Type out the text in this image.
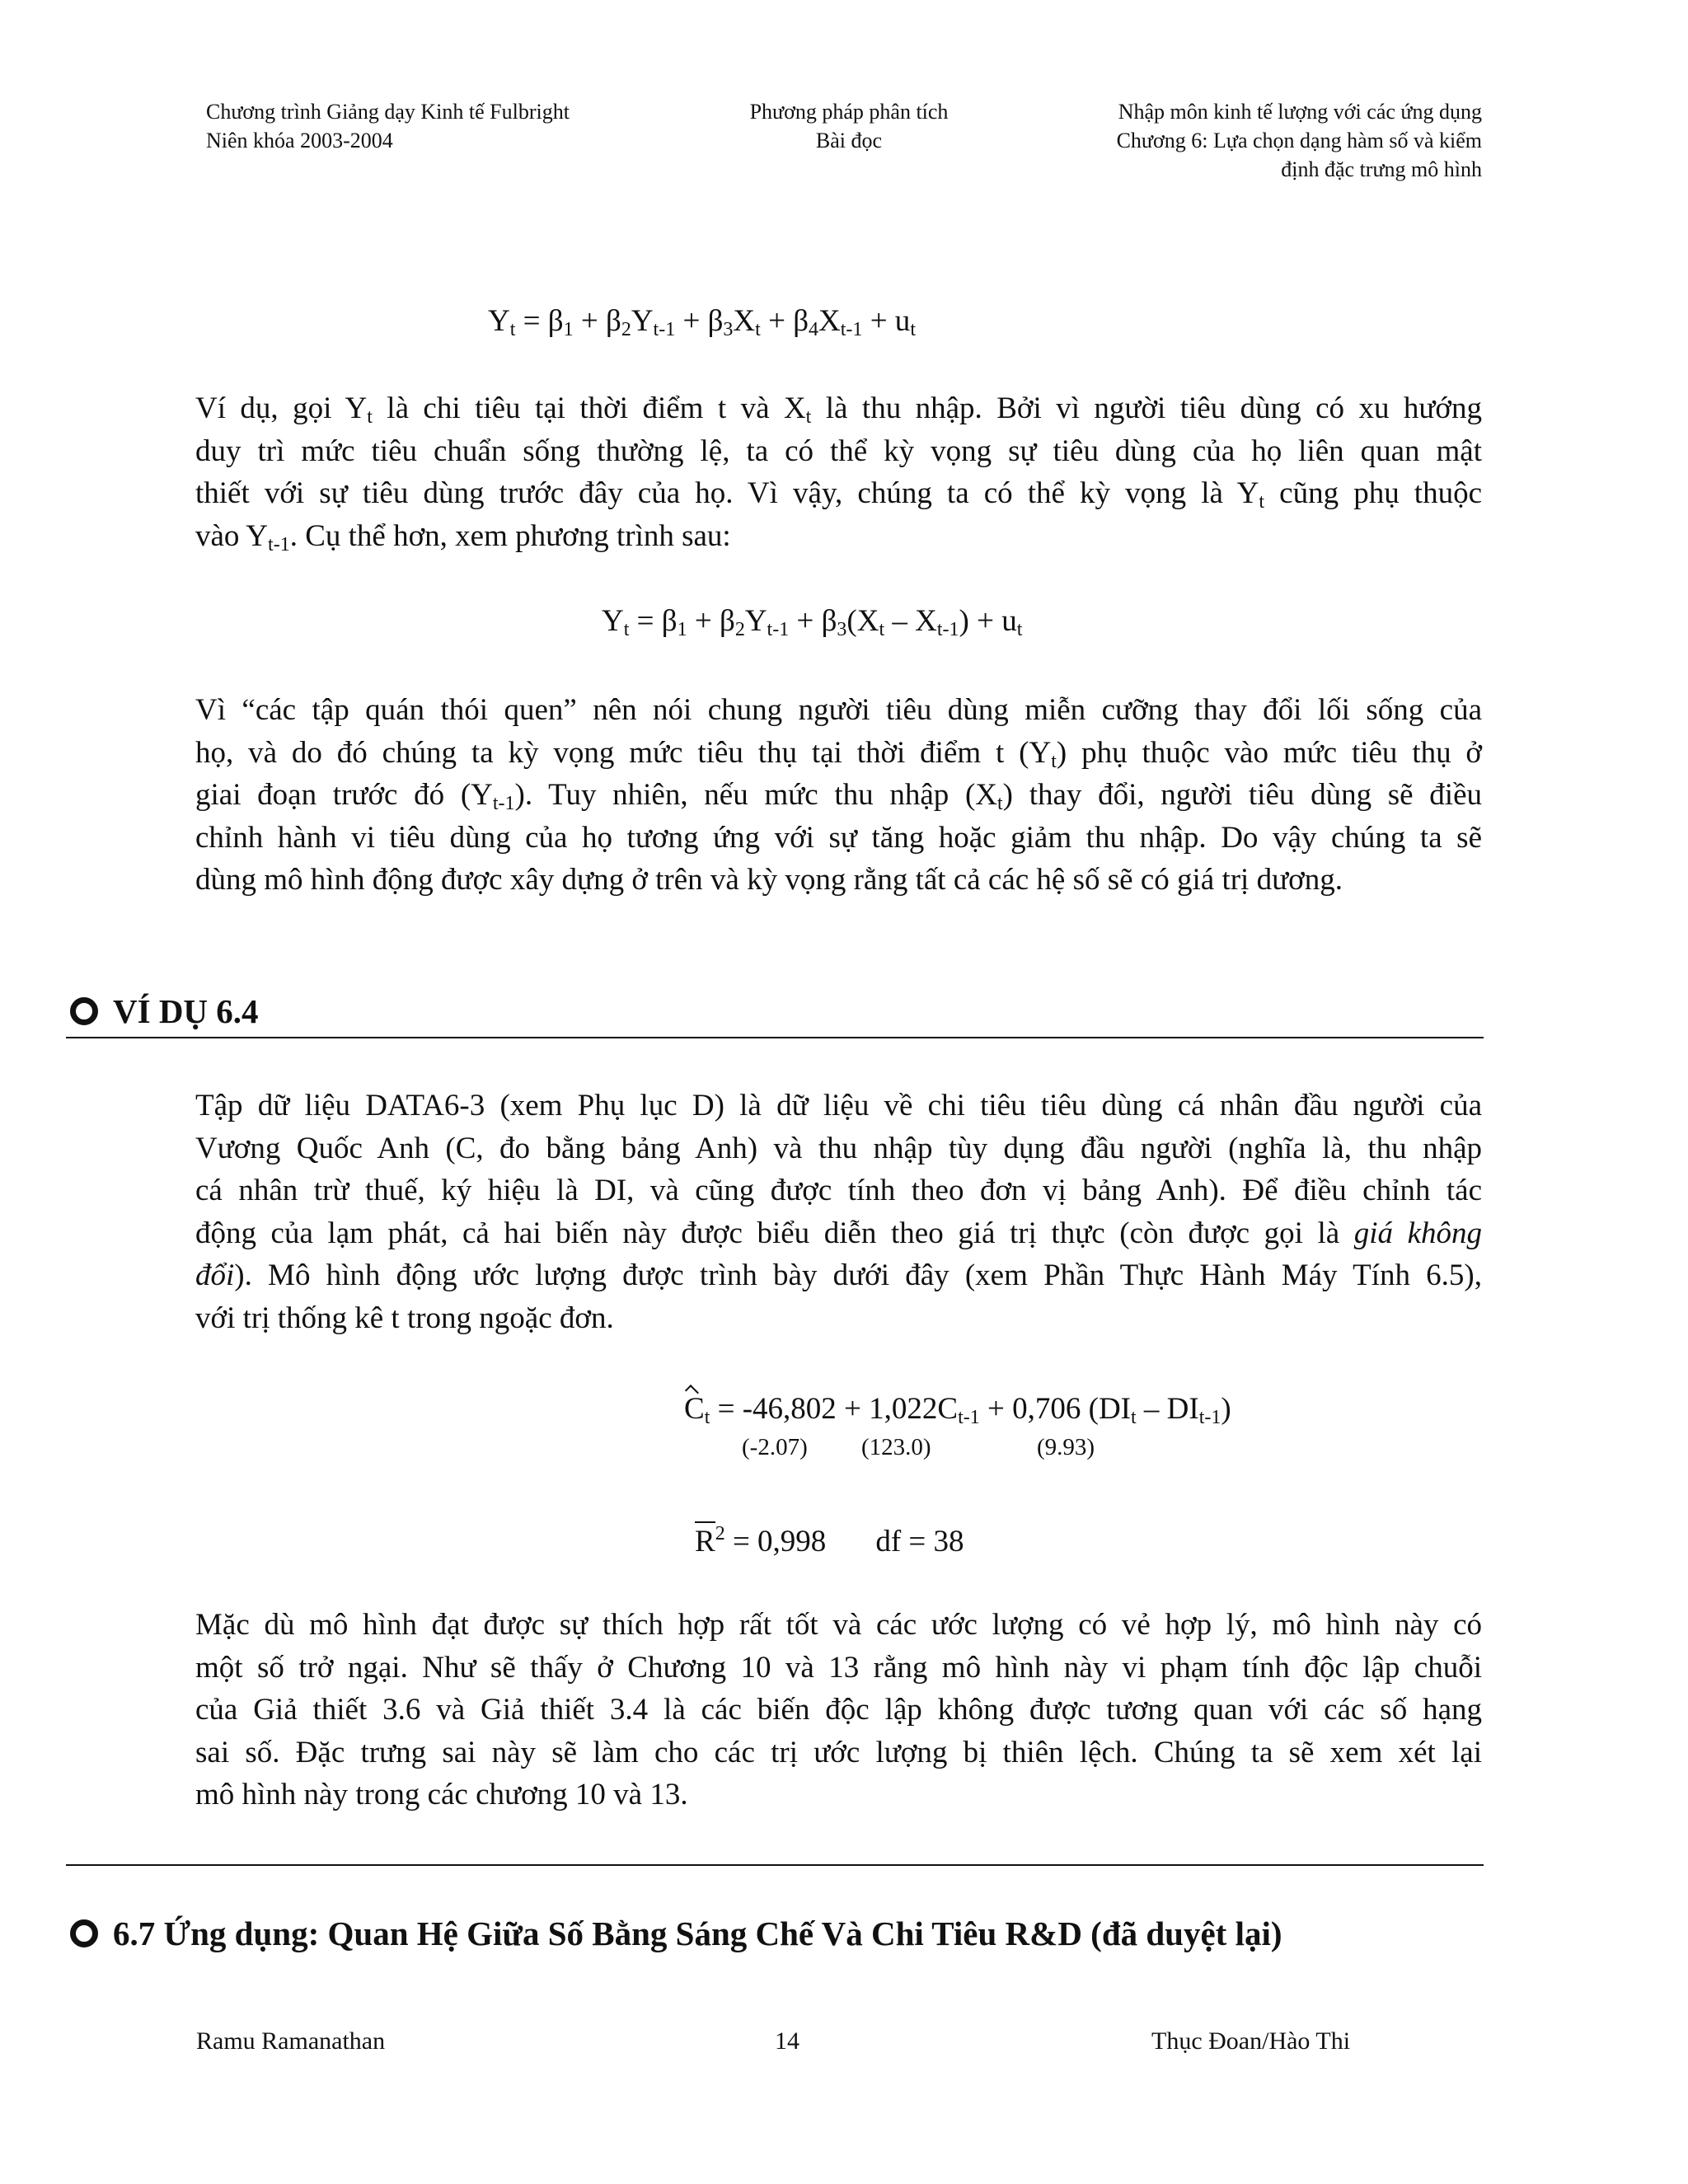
Chương trình Giảng dạy Kinh tế Fulbright
Niên khóa 2003-2004
Phương pháp phân tích
Bài đọc
Nhập môn kinh tế lượng với các ứng dụng
Chương 6: Lựa chọn dạng hàm số và kiểm
định đặc trưng mô hình
$Y_t = \beta_1 + \beta_2Y_{t-1} + \beta_3X_t + \beta_4X_{t-1} + u_t$
Ví dụ, gọi $Y_t$ là chi tiêu tại thời điểm t và $X_t$ là thu nhập. Bởi vì người tiêu dùng có xu hướng
duy trì mức tiêu chuẩn sống thường lệ, ta có thể kỳ vọng sự tiêu dùng của họ liên quan mật
thiết với sự tiêu dùng trước đây của họ. Vì vậy, chúng ta có thể kỳ vọng là $Y_t$ cũng phụ thuộc
vào $Y_{t-1}$. Cụ thể hơn, xem phương trình sau:
$Y_t = \beta_1 + \beta_2Y_{t-1} + \beta_3(X_t - X_{t-1}) + u_t$
Vì “các tập quán thói quen” nên nói chung người tiêu dùng miễn cưỡng thay đổi lối sống của
họ, và do đó chúng ta kỳ vọng mức tiêu thụ tại thời điểm t $(Y_t)$ phụ thuộc vào mức tiêu thụ ở
giai đoạn trước đó $(Y_{t-1})$. Tuy nhiên, nếu mức thu nhập $(X_t)$ thay đổi, người tiêu dùng sẽ điều
chỉnh hành vi tiêu dùng của họ tương ứng với sự tăng hoặc giảm thu nhập. Do vậy chúng ta sẽ
dùng mô hình động được xây dựng ở trên và kỳ vọng rằng tất cả các hệ số sẽ có giá trị dương.
VÍ DỤ 6.4
Tập dữ liệu DATA6-3 (xem Phụ lục D) là dữ liệu về chi tiêu tiêu dùng cá nhân đầu người của
Vương Quốc Anh (C, đo bằng bảng Anh) và thu nhập tùy dụng đầu người (nghĩa là, thu nhập
cá nhân trừ thuế, ký hiệu là DI, và cũng được tính theo đơn vị bảng Anh). Để điều chỉnh tác
động của lạm phát, cả hai biến này được biểu diễn theo giá trị thực (còn được gọi là giá không
đổi). Mô hình động ước lượng được trình bày dưới đây (xem Phần Thực Hành Máy Tính 6.5),
với trị thống kê t trong ngoặc đơn.
$C_t = -46,802 + 1,022C_{t-1} + 0,706$ $(DI_t - DI_{t-1})$
(-2.07) (123.0)	(9.93)
$R^2 = 0,998$ df = 38
Mặc dù mô hình đạt được sự thích hợp rất tốt và các ước lượng có vẻ hợp lý, mô hình này có
một số trở ngại. Như sẽ thấy ở Chương 10 và 13 rằng mô hình này vi phạm tính độc lập chuỗi
của Giả thiết 3.6 và Giả thiết 3.4 là các biến độc lập không được tương quan với các số hạng
sai số. Đặc trưng sai này sẽ làm cho các trị ước lượng bị thiên lệch. Chúng ta sẽ xem xét lại
mô hình này trong các chương 10 và 13.
6.7 Ứng dụng: Quan Hệ Giữa Số Bằng Sáng Chế Và Chi Tiêu R&D (đã duyệt lại)
Ramu Ramanathan	14	Thục Đoan/Hào Thi
